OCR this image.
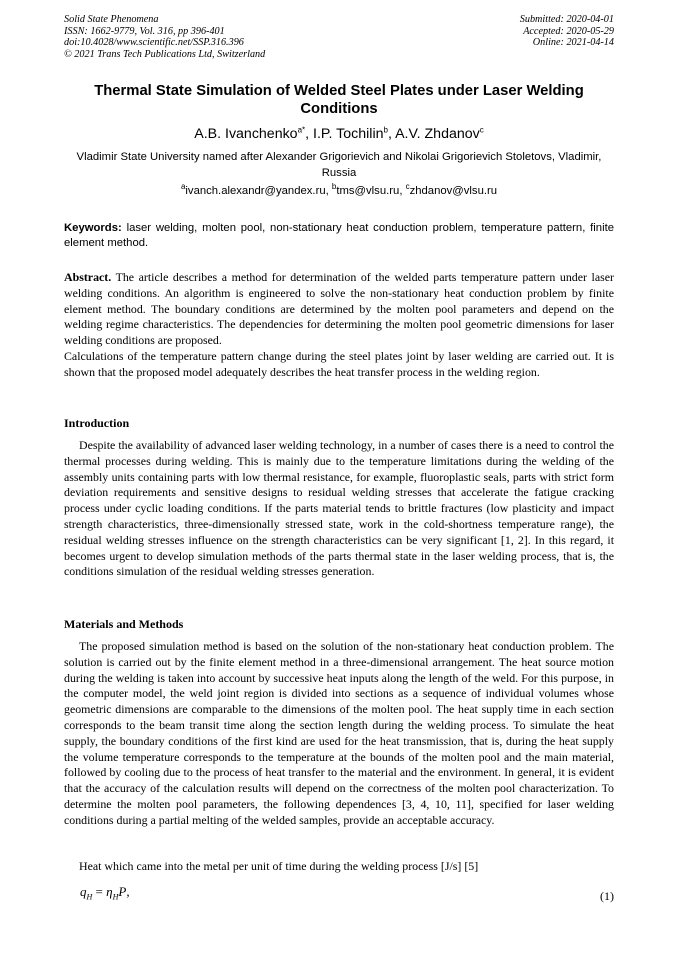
Solid State Phenomena
ISSN: 1662-9779, Vol. 316, pp 396-401
doi:10.4028/www.scientific.net/SSP.316.396
© 2021 Trans Tech Publications Ltd, Switzerland
Submitted: 2020-04-01
Accepted: 2020-05-29
Online: 2021-04-14
Thermal State Simulation of Welded Steel Plates under Laser Welding Conditions
A.B. Ivanchenko$^{a*}$, I.P. Tochilin$^b$, A.V. Zhdanov$^c$
Vladimir State University named after Alexander Grigorievich and Nikolai Grigorievich Stoletovs, Vladimir, Russia
$^a$ivanch.alexandr@yandex.ru, $^b$tms@vlsu.ru, $^c$zhdanov@vlsu.ru
Keywords: laser welding, molten pool, non-stationary heat conduction problem, temperature pattern, finite element method.

Abstract. The article describes a method for determination of the welded parts temperature pattern under laser welding conditions. An algorithm is engineered to solve the non-stationary heat conduction problem by finite element method. The boundary conditions are determined by the molten pool parameters and depend on the welding regime characteristics. The dependencies for determining the molten pool geometric dimensions for laser welding conditions are proposed.

Calculations of the temperature pattern change during the steel plates joint by laser welding are carried out. It is shown that the proposed model adequately describes the heat transfer process in the welding region.

Introduction

Despite the availability of advanced laser welding technology, in a number of cases there is a need to control the thermal processes during welding. This is mainly due to the temperature limitations during the welding of the assembly units containing parts with low thermal resistance, for example, fluoroplastic seals, parts with strict form deviation requirements and sensitive designs to residual welding stresses that accelerate the fatigue cracking process under cyclic loading conditions. If the parts material tends to brittle fractures (low plasticity and impact strength characteristics, three-dimensionally stressed state, work in the cold-shortness temperature range), the residual welding stresses influence on the strength characteristics can be very significant [1, 2]. In this regard, it becomes urgent to develop simulation methods of the parts thermal state in the laser welding process, that is, the conditions simulation of the residual welding stresses generation.

Materials and Methods

The proposed simulation method is based on the solution of the non-stationary heat conduction problem. The solution is carried out by the finite element method in a three-dimensional arrangement. The heat source motion during the welding is taken into account by successive heat inputs along the length of the weld. For this purpose, in the computer model, the weld joint region is divided into sections as a sequence of individual volumes whose geometric dimensions are comparable to the dimensions of the molten pool. The heat supply time in each section corresponds to the beam transit time along the section length during the welding process. To simulate the heat supply, the boundary conditions of the first kind are used for the heat transmission, that is, during the heat supply the volume temperature corresponds to the temperature at the bounds of the molten pool and the main material, followed by cooling due to the process of heat transfer to the material and the environment. In general, it is evident that the accuracy of the calculation results will depend on the correctness of the molten pool characterization. To determine the molten pool parameters, the following dependences [3, 4, 10, 11], specified for laser welding conditions during a partial melting of the welded samples, provide an acceptable accuracy.

Heat which came into the metal per unit of time during the welding process [J/s] [5]

$q_H = \eta_HP$,	(1)
